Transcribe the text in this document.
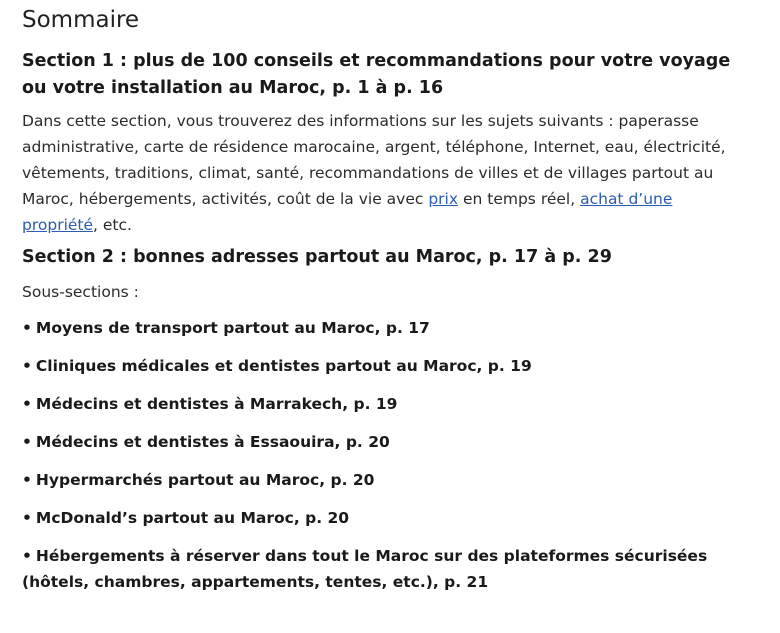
Sommaire
Section 1 : plus de 100 conseils et recommandations pour votre voyage ou votre installation au Maroc, p. 1 à p. 16

Dans cette section, vous trouverez des informations sur les sujets suivants : paperasse administrative, carte de résidence marocaine, argent, téléphone, Internet, eau, électricité, vêtements, traditions, climat, santé, recommandations de villes et de villages partout au Maroc, hébergements, activités, coût de la vie avec prix en temps réel, achat d’une propriété, etc.

Section 2 : bonnes adresses partout au Maroc, p. 17 à p. 29
Sous-sections :
• Moyens de transport partout au Maroc, p. 17
• Cliniques médicales et dentistes partout au Maroc, p. 19
• Médecins et dentistes à Marrakech, p. 19
• Médecins et dentistes à Essaouira, p. 20
• Hypermarchés partout au Maroc, p. 20
• McDonald’s partout au Maroc, p. 20
• Hébergements à réserver dans tout le Maroc sur des plateformes sécurisées (hôtels, chambres, appartements, tentes, etc.), p. 21
